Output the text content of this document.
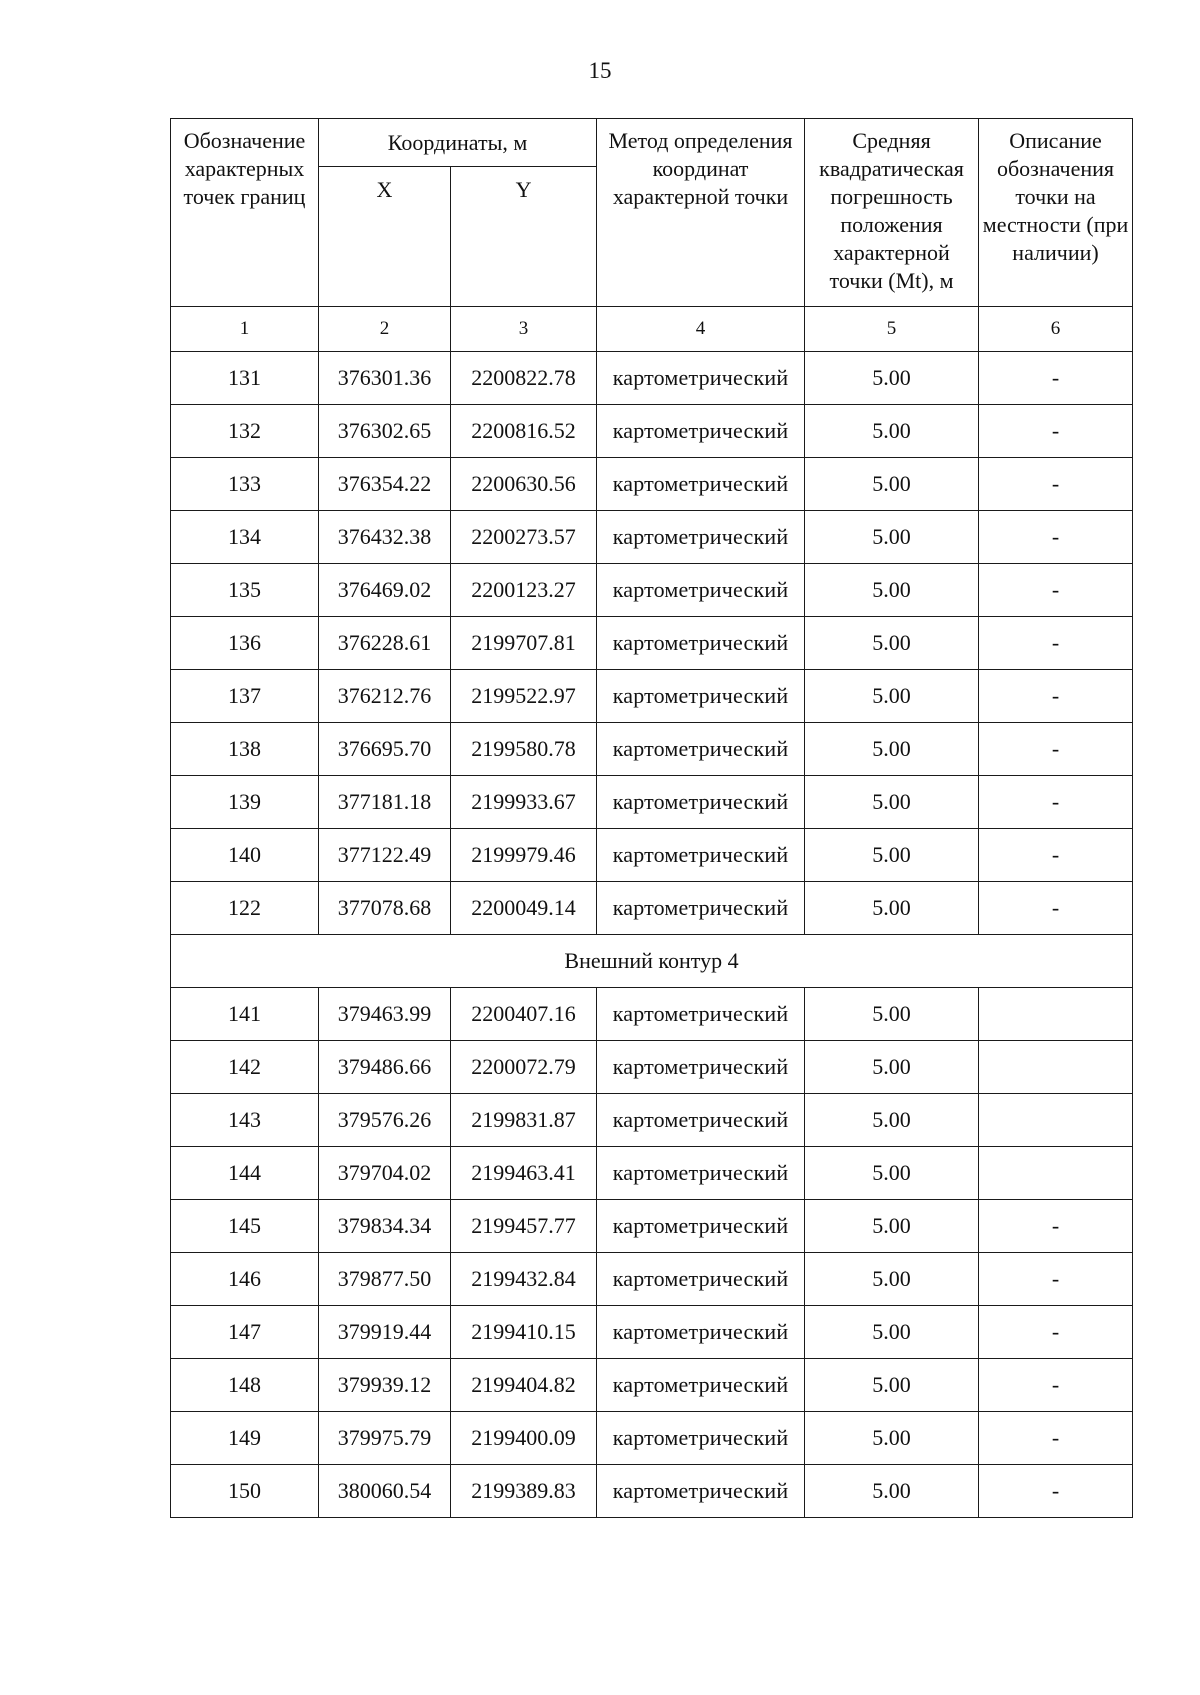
15
Обозначение характерных точек границ	Координаты, м		Метод определения координат характерной точки	Средняя квадратическая погрешность положения характерной точки (Mt), м	Описание обозначения точки на местности (при наличии)
	X	Y			
1	2	3	4	5	6
131	376301.36	2200822.78	картометрический	5.00	-
132	376302.65	2200816.52	картометрический	5.00	-
133	376354.22	2200630.56	картометрический	5.00	-
134	376432.38	2200273.57	картометрический	5.00	-
135	376469.02	2200123.27	картометрический	5.00	-
136	376228.61	2199707.81	картометрический	5.00	-
137	376212.76	2199522.97	картометрический	5.00	-
138	376695.70	2199580.78	картометрический	5.00	-
139	377181.18	2199933.67	картометрический	5.00	-
140	377122.49	2199979.46	картометрический	5.00	-
122	377078.68	2200049.14	картометрический	5.00	-
Внешний контур 4					
141	379463.99	2200407.16	картометрический	5.00	
142	379486.66	2200072.79	картометрический	5.00	
143	379576.26	2199831.87	картометрический	5.00	
144	379704.02	2199463.41	картометрический	5.00	
145	379834.34	2199457.77	картометрический	5.00	-
146	379877.50	2199432.84	картометрический	5.00	-
147	379919.44	2199410.15	картометрический	5.00	-
148	379939.12	2199404.82	картометрический	5.00	-
149	379975.79	2199400.09	картометрический	5.00	-
150	380060.54	2199389.83	картометрический	5.00	-
